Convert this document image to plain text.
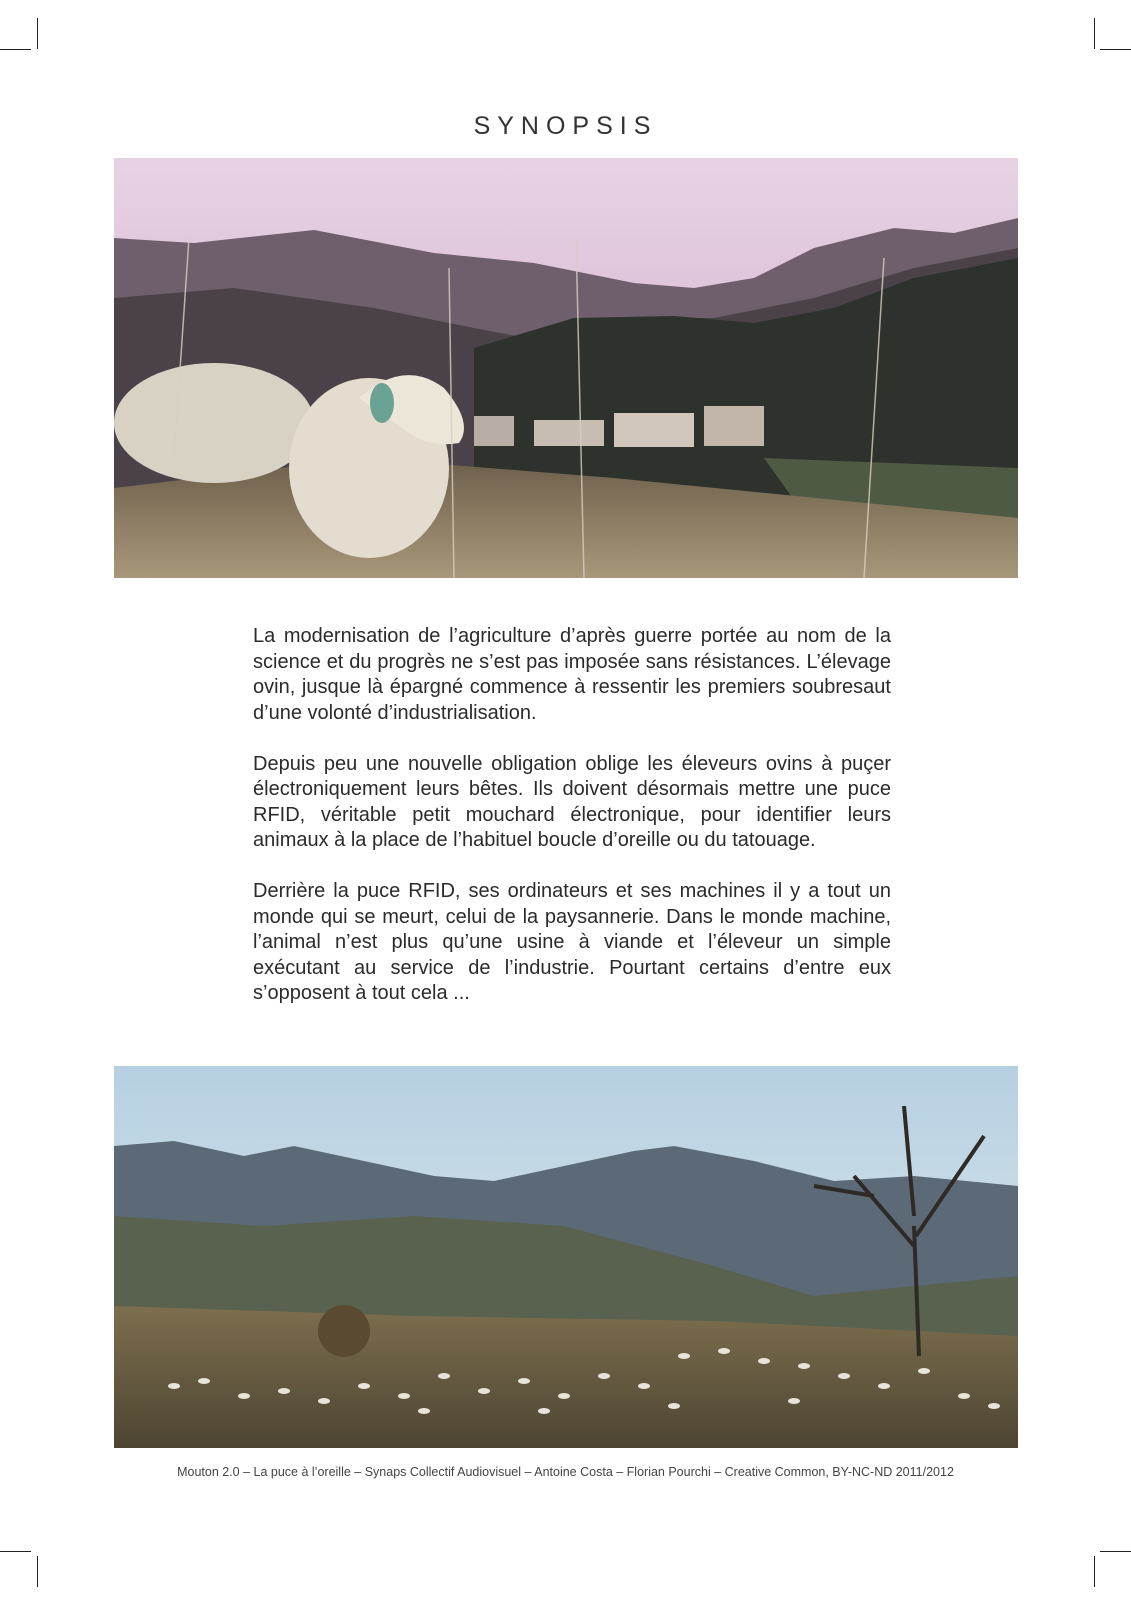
SYNOPSIS

La modernisation de l’agriculture d’après guerre portée au nom de la science et du progrès ne s’est pas imposée sans résistances. L’élevage ovin, jusque là épargné commence à ressentir les premiers soubresaut d’une volonté d’industrialisation.

Depuis peu une nouvelle obligation oblige les éleveurs ovins à puçer électroniquement leurs bêtes. Ils doivent désormais mettre une puce RFID, véritable petit mouchard électronique, pour identifier leurs animaux à la place de l’habituel boucle d’oreille ou du tatouage.

Derrière la puce RFID, ses ordinateurs et ses machines il y a tout un monde qui se meurt, celui de la paysannerie. Dans le monde machine, l’animal n’est plus qu’une usine à viande et l’éleveur un simple exécutant au service de l’industrie. Pourtant certains d’entre eux s’opposent à tout cela ...

Mouton 2.0 – La puce à l’oreille – Synaps Collectif Audiovisuel – Antoine Costa – Florian Pourchi – Creative Common, BY-NC-ND 2011/2012
